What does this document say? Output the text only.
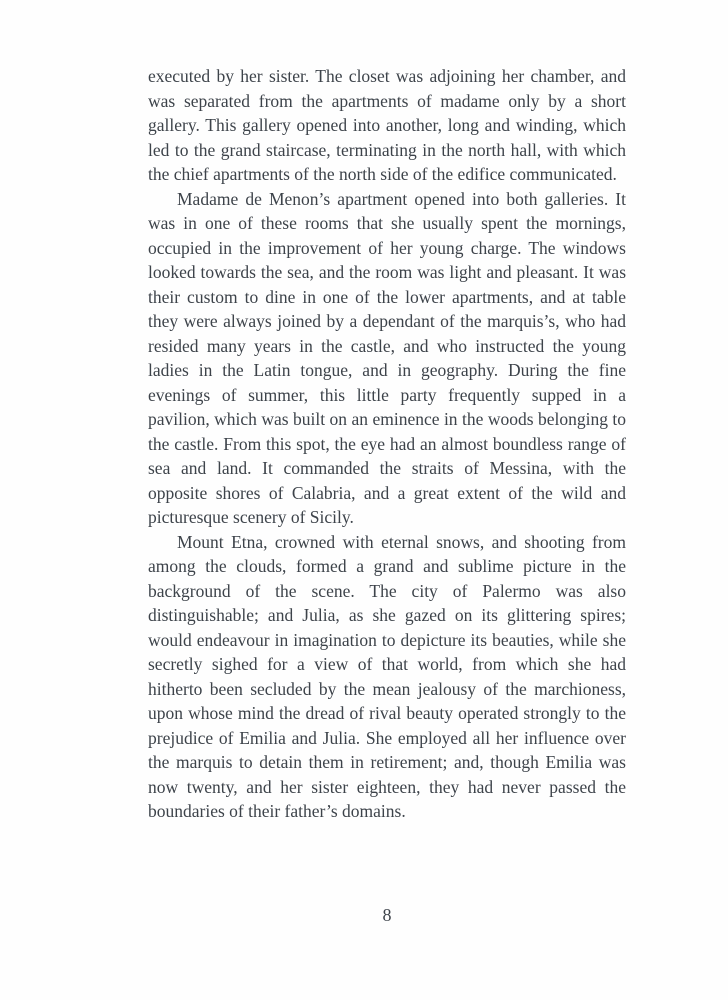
executed by her sister. The closet was adjoining her chamber, and was separated from the apartments of madame only by a short gallery. This gallery opened into another, long and winding, which led to the grand staircase, terminating in the north hall, with which the chief apartments of the north side of the edifice communicated.

Madame de Menon’s apartment opened into both galleries. It was in one of these rooms that she usually spent the mornings, occupied in the improvement of her young charge. The windows looked towards the sea, and the room was light and pleasant. It was their custom to dine in one of the lower apartments, and at table they were always joined by a dependant of the marquis’s, who had resided many years in the castle, and who instructed the young ladies in the Latin tongue, and in geography. During the fine evenings of summer, this little party frequently supped in a pavilion, which was built on an eminence in the woods belonging to the castle. From this spot, the eye had an almost boundless range of sea and land. It commanded the straits of Messina, with the opposite shores of Calabria, and a great extent of the wild and picturesque scenery of Sicily.

Mount Etna, crowned with eternal snows, and shooting from among the clouds, formed a grand and sublime picture in the background of the scene. The city of Palermo was also distinguishable; and Julia, as she gazed on its glittering spires; would endeavour in imagination to depicture its beauties, while she secretly sighed for a view of that world, from which she had hitherto been secluded by the mean jealousy of the marchioness, upon whose mind the dread of rival beauty operated strongly to the prejudice of Emilia and Julia. She employed all her influence over the marquis to detain them in retirement; and, though Emilia was now twenty, and her sister eighteen, they had never passed the boundaries of their father’s domains.

8
